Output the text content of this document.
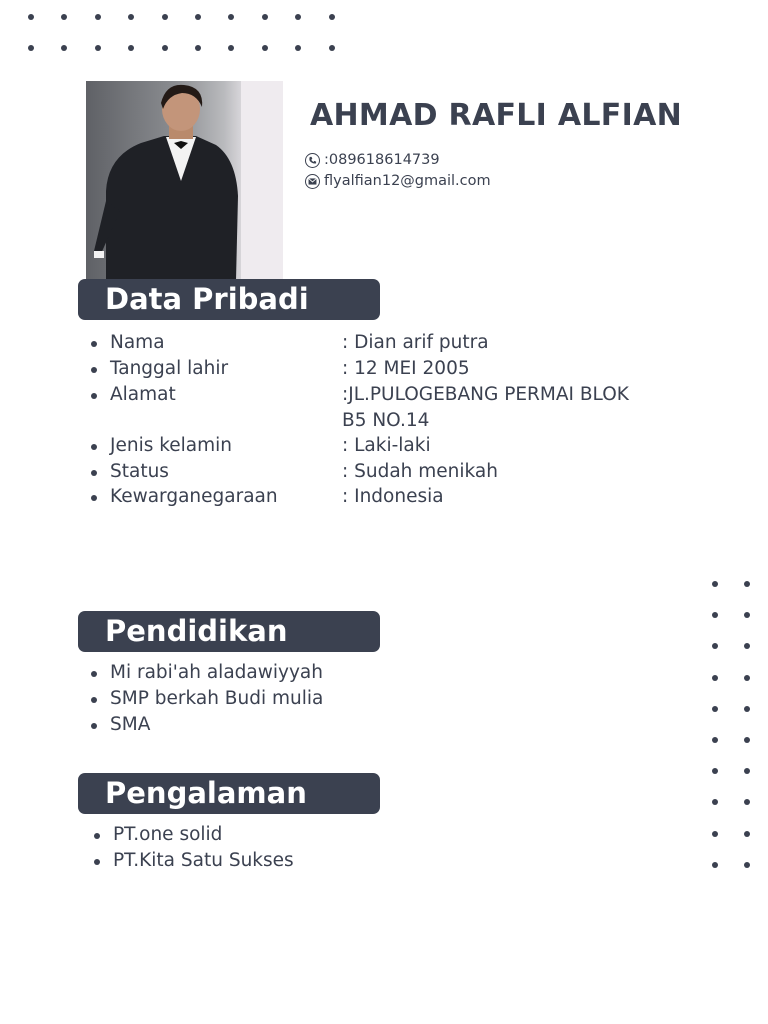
AHMAD RAFLI ALFIAN
:089618614739
flyalfian12@gmail.com
Data Pribadi
Nama	: Dian arif putra
Tanggal lahir	: 12 MEI 2005
Alamat	:JL.PULOGEBANG PERMAI BLOK
B5 NO.14
Jenis kelamin	: Laki-laki
Status	: Sudah menikah
Kewarganegaraan	: Indonesia
Pendidikan
Mi rabi'ah aladawiyyah
SMP berkah Budi mulia
SMA
Pengalaman
PT.one solid
PT.Kita Satu Sukses
